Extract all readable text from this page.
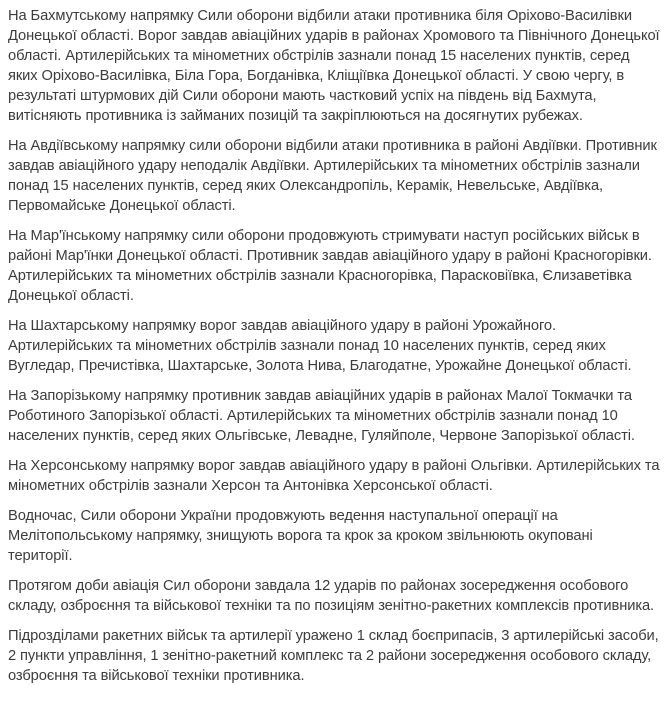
На Бахмутському напрямку Сили оборони відбили атаки противника біля Оріхово-Василівки Донецької області. Ворог завдав авіаційних ударів в районах Хромового та Північного Донецької області. Артилерійських та мінометних обстрілів зазнали понад 15 населених пунктів, серед яких Оріхово-Василівка, Біла Гора, Богданівка, Кліщіївка Донецької області. У свою чергу, в результаті штурмових дій Сили оборони мають частковий успіх на південь від Бахмута, витісняють противника із займаних позицій та закріплюються на досягнутих рубежах.

На Авдіївському напрямку сили оборони відбили атаки противника в районі Авдіївки. Противник завдав авіаційного удару неподалік Авдіївки. Артилерійських та мінометних обстрілів зазнали понад 15 населених пунктів, серед яких Олександропіль, Керамік, Невельське, Авдіївка, Первомайське Донецької області.

На Мар'їнському напрямку сили оборони продовжують стримувати наступ російських військ в районі Мар'їнки Донецької області. Противник завдав авіаційного удару в районі Красногорівки. Артилерійських та мінометних обстрілів зазнали Красногорівка, Парасковіївка, Єлизаветівка Донецької області.

На Шахтарському напрямку ворог завдав авіаційного удару в районі Урожайного. Артилерійських та мінометних обстрілів зазнали понад 10 населених пунктів, серед яких Вугледар, Пречистівка, Шахтарське, Золота Нива, Благодатне, Урожайне Донецької області.

На Запорізькому напрямку противник завдав авіаційних ударів в районах Малої Токмачки та Роботиного Запорізької області. Артилерійських та мінометних обстрілів зазнали понад 10 населених пунктів, серед яких Ольгівське, Левадне, Гуляйполе, Червоне Запорізької області.

На Херсонському напрямку ворог завдав авіаційного удару в районі Ольгівки. Артилерійських та мінометних обстрілів зазнали Херсон та Антонівка Херсонської області.

Водночас, Сили оборони України продовжують ведення наступальної операції на Мелітопольському напрямку, знищують ворога та крок за кроком звільнюють окуповані території.

Протягом доби авіація Сил оборони завдала 12 ударів по районах зосередження особового складу, озброєння та військової техніки та по позиціям зенітно-ракетних комплексів противника.

Підрозділами ракетних військ та артилерії уражено 1 склад боєприпасів, 3 артилерійські засоби, 2 пункти управління, 1 зенітно-ракетний комплекс та 2 райони зосередження особового складу, озброєння та військової техніки противника.
